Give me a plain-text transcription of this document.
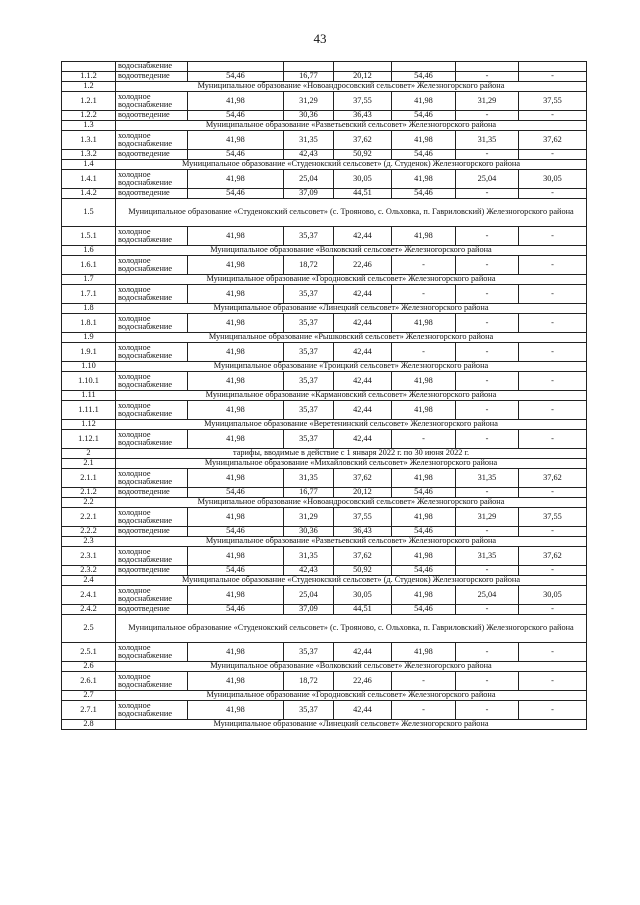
43
	водоснабжение						
1.1.2	водоотведение	54,46	16,77	20,12	54,46	-	-
1.2	Муниципальное образование «Новоандросовский сельсовет» Железногорского района						
1.2.1	холодное водоснабжение	41,98	31,29	37,55	41,98	31,29	37,55
1.2.2	водоотведение	54,46	30,36	36,43	54,46	-	-
1.3	Муниципальное образование «Разветьевский сельсовет» Железногорского района						
1.3.1	холодное водоснабжение	41,98	31,35	37,62	41,98	31,35	37,62
1.3.2	водоотведение	54,46	42,43	50,92	54,46	-	-
1.4	Муниципальное образование «Студенокский сельсовет» (д. Студенок) Железногорского района						
1.4.1	холодное водоснабжение	41,98	25,04	30,05	41,98	25,04	30,05
1.4.2	водоотведение	54,46	37,09	44,51	54,46	-	-
1.5	Муниципальное образование «Студенокский сельсовет» (с. Трояново, с. Ольховка, п. Гавриловский) Железногорского района						
1.5.1	холодное водоснабжение	41,98	35,37	42,44	41,98	-	-
1.6	Муниципальное образование «Волковский сельсовет» Железногорского района						
1.6.1	холодное водоснабжение	41,98	18,72	22,46	-	-	-
1.7	Муниципальное образование «Городновский сельсовет» Железногорского района						
1.7.1	холодное водоснабжение	41,98	35,37	42,44	-	-	-
1.8	Муниципальное образование «Линецкий сельсовет» Железногорского района						
1.8.1	холодное водоснабжение	41,98	35,37	42,44	41,98	-	-
1.9	Муниципальное образование «Рышковский сельсовет» Железногорского района						
1.9.1	холодное водоснабжение	41,98	35,37	42,44	-	-	-
1.10	Муниципальное образование «Троицкий сельсовет» Железногорского района						
1.10.1	холодное водоснабжение	41,98	35,37	42,44	41,98	-	-
1.11	Муниципальное образование «Кармановский сельсовет» Железногорского района						
1.11.1	холодное водоснабжение	41,98	35,37	42,44	41,98	-	-
1.12	Муниципальное образование «Веретенинский сельсовет» Железногорского района						
1.12.1	холодное водоснабжение	41,98	35,37	42,44	-	-	-
2	тарифы, вводимые в действие с 1 января 2022 г. по 30 июня 2022 г.						
2.1	Муниципальное образование «Михайловский сельсовет» Железногорского района						
2.1.1	холодное водоснабжение	41,98	31,35	37,62	41,98	31,35	37,62
2.1.2	водоотведение	54,46	16,77	20,12	54,46	-	-
2.2	Муниципальное образование «Новоандросовский сельсовет» Железногорского района						
2.2.1	холодное водоснабжение	41,98	31,29	37,55	41,98	31,29	37,55
2.2.2	водоотведение	54,46	30,36	36,43	54,46	-	-
2.3	Муниципальное образование «Разветьевский сельсовет» Железногорского района						
2.3.1	холодное водоснабжение	41,98	31,35	37,62	41,98	31,35	37,62
2.3.2	водоотведение	54,46	42,43	50,92	54,46	-	-
2.4	Муниципальное образование «Студенокский сельсовет» (д. Студенок) Железногорского района						
2.4.1	холодное водоснабжение	41,98	25,04	30,05	41,98	25,04	30,05
2.4.2	водоотведение	54,46	37,09	44,51	54,46	-	-
2.5	Муниципальное образование «Студенокский сельсовет» (с. Трояново, с. Ольховка, п. Гавриловский) Железногорского района						
2.5.1	холодное водоснабжение	41,98	35,37	42,44	41,98	-	-
2.6	Муниципальное образование «Волковский сельсовет» Железногорского района						
2.6.1	холодное водоснабжение	41,98	18,72	22,46	-	-	-
2.7	Муниципальное образование «Городновский сельсовет» Железногорского района						
2.7.1	холодное водоснабжение	41,98	35,37	42,44	-	-	-
2.8	Муниципальное образование «Линецкий сельсовет» Железногорского района						
